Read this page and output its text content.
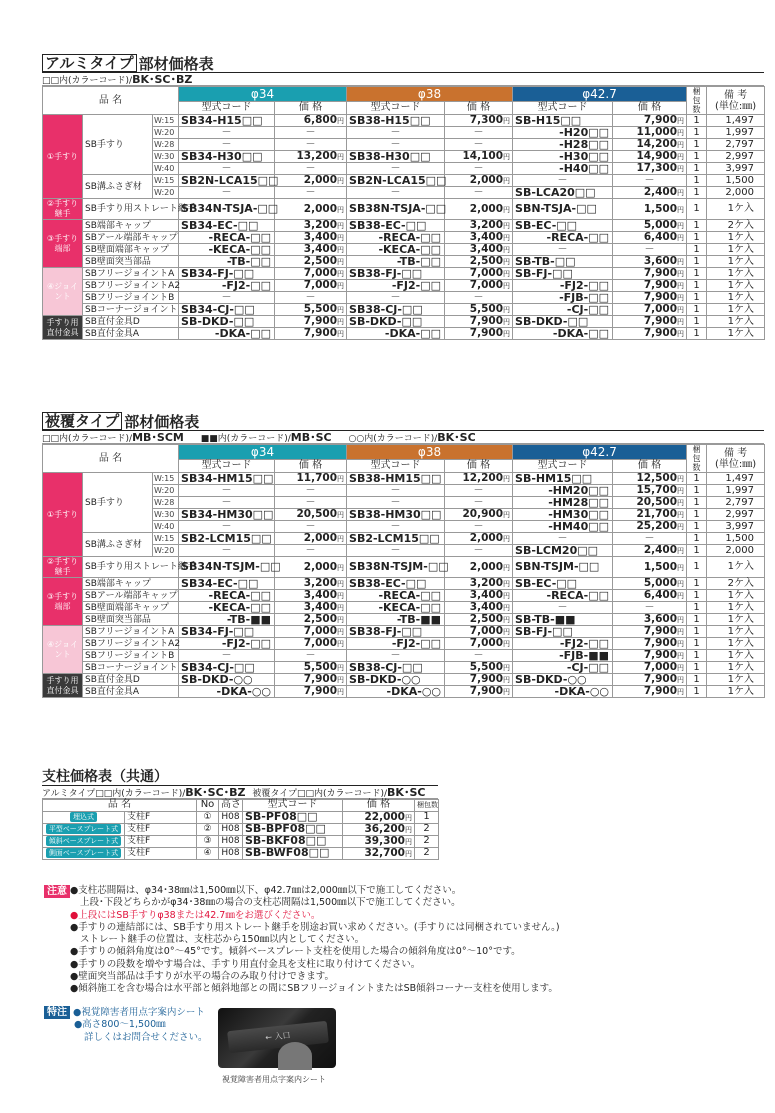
アルミタイプ 部材価格表
□□内(カラーコード)/BK･SC･BZ
品 名			φ34		φ38		φ42.7		梱包数	備 考
(単位:㎜)
			型式コード	価 格	型式コード	価 格	型式コード	価 格		
①手すり	SB手すり	W:15	SB34-H15□□	6,800円	SB38-H15□□	7,300円	SB-H15□□	7,900円	1	1,497
		W:20	－	－	－	－	-H20□□	11,000円	1	1,997
		W:28	－	－	－	－	-H28□□	14,200円	1	2,797
		W:30	SB34-H30□□	13,200円	SB38-H30□□	14,100円	-H30□□	14,900円	1	2,997
		W:40	－	－	－	－	-H40□□	17,300円	1	3,997
	SB溝ふさぎ材	W:15	SB2N-LCA15□□	2,000円	SB2N-LCA15□□	2,000円	－	－	1	1,500
		W:20	－	－	－	－	SB-LCA20□□	2,400円	1	2,000
②手すり継手	SB手すり用ストレート継手		SB34N-TSJA-□□	2,000円	SB38N-TSJA-□□	2,000円	SBN-TSJA-□□	1,500円	1	1ケ入
③手すり端部	SB端部キャップ		SB34-EC-□□	3,200円	SB38-EC-□□	3,200円	SB-EC-□□	5,000円	1	2ケ入
	SBアール端部キャップ		-RECA-□□	3,400円	-RECA-□□	3,400円	-RECA-□□	6,400円	1	1ケ入
	SB壁面端部キャップ		-KECA-□□	3,400円	-KECA-□□	3,400円	－	－	1	1ケ入
	SB壁面突当部品		-TB-□□	2,500円	-TB-□□	2,500円	SB-TB-□□	3,600円	1	1ケ入
④ジョイント	SBフリージョイントA		SB34-FJ-□□	7,000円	SB38-FJ-□□	7,000円	SB-FJ-□□	7,900円	1	1ケ入
	SBフリージョイントA2		-FJ2-□□	7,000円	-FJ2-□□	7,000円	-FJ2-□□	7,900円	1	1ケ入
	SBフリージョイントB		－	－	－	－	-FJB-□□	7,900円	1	1ケ入
	SBコーナージョイント		SB34-CJ-□□	5,500円	SB38-CJ-□□	5,500円	-CJ-□□	7,000円	1	1ケ入
手すり用直付金具	SB直付金具D		SB-DKD-□□	7,900円	SB-DKD-□□	7,900円	SB-DKD-□□	7,900円	1	1ケ入
	SB直付金具A		-DKA-□□	7,900円	-DKA-□□	7,900円	-DKA-□□	7,900円	1	1ケ入
被覆タイプ 部材価格表
□□内(カラーコード)/MB･SCM ■■内(カラーコード)/MB･SC ○○内(カラーコード)/BK･SC
品 名			φ34		φ38		φ42.7		梱包数	備 考
(単位:㎜)
			型式コード	価 格	型式コード	価 格	型式コード	価 格		
①手すり	SB手すり	W:15	SB34-HM15□□	11,700円	SB38-HM15□□	12,200円	SB-HM15□□	12,500円	1	1,497
		W:20	－	－	－	－	-HM20□□	15,700円	1	1,997
		W:28	－	－	－	－	-HM28□□	20,500円	1	2,797
		W:30	SB34-HM30□□	20,500円	SB38-HM30□□	20,900円	-HM30□□	21,700円	1	2,997
		W:40	－	－	－	－	-HM40□□	25,200円	1	3,997
	SB溝ふさぎ材	W:15	SB2-LCM15□□	2,000円	SB2-LCM15□□	2,000円	－	－	1	1,500
		W:20	－	－	－	－	SB-LCM20□□	2,400円	1	2,000
②手すり継手	SB手すり用ストレート継手		SB34N-TSJM-□□	2,000円	SB38N-TSJM-□□	2,000円	SBN-TSJM-□□	1,500円	1	1ケ入
③手すり端部	SB端部キャップ		SB34-EC-□□	3,200円	SB38-EC-□□	3,200円	SB-EC-□□	5,000円	1	2ケ入
	SBアール端部キャップ		-RECA-□□	3,400円	-RECA-□□	3,400円	-RECA-□□	6,400円	1	1ケ入
	SB壁面端部キャップ		-KECA-□□	3,400円	-KECA-□□	3,400円	－	－	1	1ケ入
	SB壁面突当部品		-TB-■■	2,500円	-TB-■■	2,500円	SB-TB-■■	3,600円	1	1ケ入
④ジョイント	SBフリージョイントA		SB34-FJ-□□	7,000円	SB38-FJ-□□	7,000円	SB-FJ-□□	7,900円	1	1ケ入
	SBフリージョイントA2		-FJ2-□□	7,000円	-FJ2-□□	7,000円	-FJ2-□□	7,900円	1	1ケ入
	SBフリージョイントB		－	－	－	－	-FJB-■■	7,900円	1	1ケ入
	SBコーナージョイント		SB34-CJ-□□	5,500円	SB38-CJ-□□	5,500円	-CJ-□□	7,000円	1	1ケ入
手すり用直付金具	SB直付金具D		SB-DKD-○○	7,900円	SB-DKD-○○	7,900円	SB-DKD-○○	7,900円	1	1ケ入
	SB直付金具A		-DKA-○○	7,900円	-DKA-○○	7,900円	-DKA-○○	7,900円	1	1ケ入
支柱価格表（共通）
アルミタイプ□□内(カラーコード)/BK･SC･BZ 被覆タイプ□□内(カラーコード)/BK･SC
品 名		No	高さ	型式コード	価 格	梱包数
埋込式	支柱F	①	H08	SB-PF08□□	22,000円	1
平型ベースプレート式	支柱F	②	H08	SB-BPF08□□	36,200円	2
傾斜ベースプレート式	支柱F	③	H08	SB-BKF08□□	39,300円	2
側面ベースプレート式	支柱F	④	H08	SB-BWF08□□	32,700円	2
注意 ●支柱芯間隔は、φ34･38㎜は1,500㎜以下、φ42.7㎜は2,000㎜以下で施工してください。
上段･下段どちらかがφ34･38㎜の場合の支柱芯間隔は1,500㎜以下で施工してください。
●上段にはSB手すりφ38または42.7㎜をお選びください。
●手すりの連結部には、SB手すり用ストレート継手を別途お買い求めください。(手すりには同梱されていません。)
ストレート継手の位置は、支柱芯から150㎜以内としてください。
●手すりの傾斜角度は0°～45°です。傾斜ベースプレート支柱を使用した場合の傾斜角度は0°～10°です。
●手すりの段数を増やす場合は、手すり用直付金具を支柱に取り付けてください。
●壁面突当部品は手すりが水平の場合のみ取り付けできます。
●傾斜施工を含む場合は水平部と傾斜地部との間にSBフリージョイントまたはSB傾斜コーナー支柱を使用します。
特注 ●視覚障害者用点字案内シート
●高さ800～1,500㎜
詳しくはお問合せください。	← 入口
視覚障害者用点字案内シート
